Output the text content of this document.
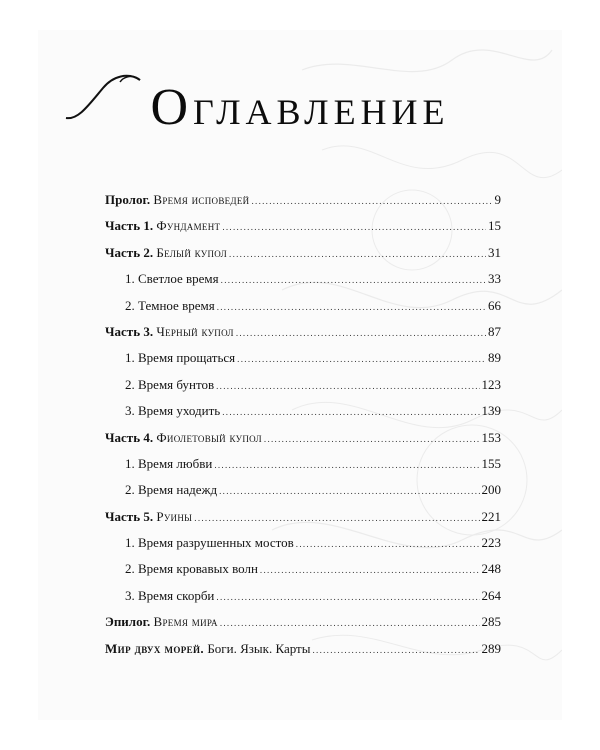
Оглавление
Пролог. Время исповедей .....	9
Часть 1. Фундамент .....	15
Часть 2. Белый купол .....	31
1. Светлое время .....	33
2. Темное время .....	66
Часть 3. Черный купол .....	87
1. Время прощаться .....	89
2. Время бунтов .....	123
3. Время уходить .....	139
Часть 4. Фиолетовый купол .....	153
1. Время любви .....	155
2. Время надежд .....	200
Часть 5. Руины .....	221
1. Время разрушенных мостов .....	223
2. Время кровавых волн .....	248
3. Время скорби .....	264
Эпилог. Время мира .....	285
Мир двух морей. Боги. Язык. Карты .....	289
